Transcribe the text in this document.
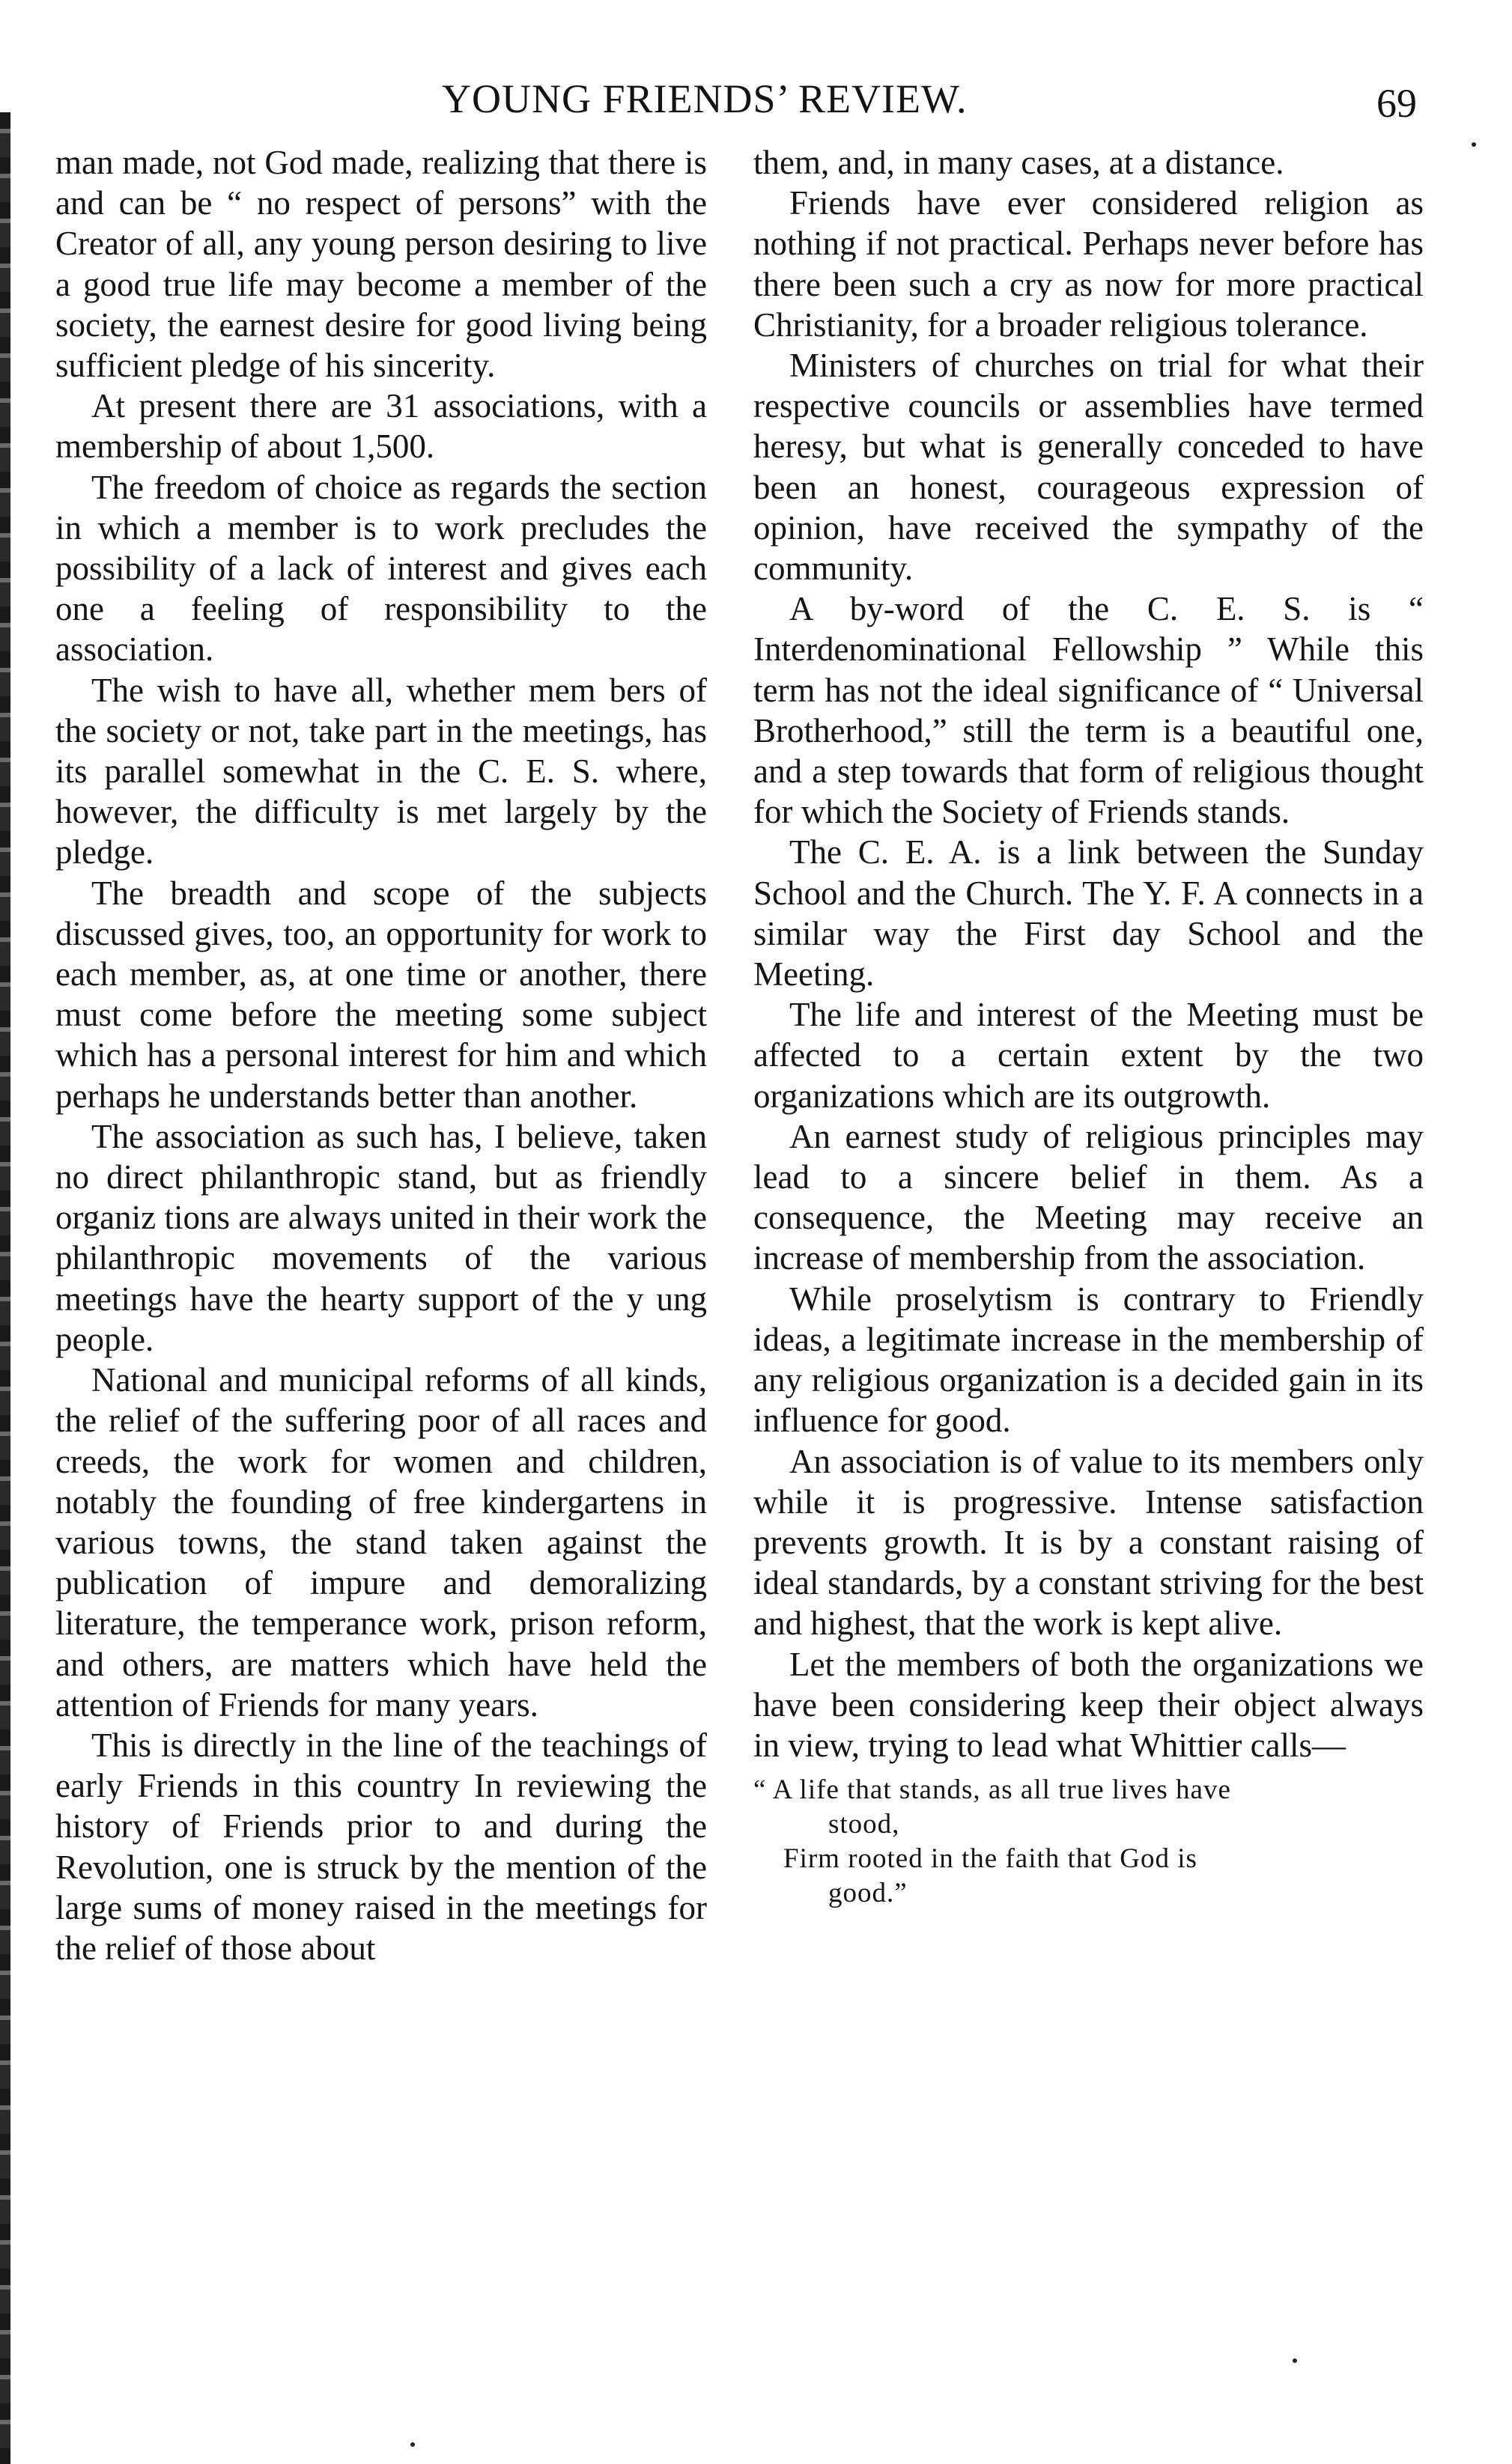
YOUNG FRIENDS’ REVIEW.	69

man made, not God made, realizing that there is and can be “ no respect of persons” with the Creator of all, any young person desiring to live a good true life may become a member of the society, the earnest desire for good living being sufficient pledge of his sincerity.

At present there are 31 associations, with a membership of about 1,500.

The freedom of choice as regards the section in which a member is to work precludes the possibility of a lack of interest and gives each one a feeling of responsibility to the association.

The wish to have all, whether mem bers of the society or not, take part in the meetings, has its parallel somewhat in the C. E. S. where, however, the difficulty is met largely by the pledge.

The breadth and scope of the subjects discussed gives, too, an opportunity for work to each member, as, at one time or another, there must come before the meeting some subject which has a personal interest for him and which perhaps he understands better than another.

The association as such has, I believe, taken no direct philanthropic stand, but as friendly organiz tions are always united in their work the philanthropic movements of the various meetings have the hearty support of the y ung people.

National and municipal reforms of all kinds, the relief of the suffering poor of all races and creeds, the work for women and children, notably the founding of free kindergartens in various towns, the stand taken against the publication of impure and demoralizing literature, the temperance work, prison reform, and others, are matters which have held the attention of Friends for many years.

This is directly in the line of the teachings of early Friends in this country In reviewing the history of Friends prior to and during the Revolution, one is struck by the mention of the large sums of money raised in the meetings for the relief of those about

them, and, in many cases, at a distance.

Friends have ever considered religion as nothing if not practical. Perhaps never before has there been such a cry as now for more practical Christianity, for a broader religious tolerance.

Ministers of churches on trial for what their respective councils or assemblies have termed heresy, but what is generally conceded to have been an honest, courageous expression of opinion, have received the sympathy of the community.

A by-word of the C. E. S. is “ Interdenominational Fellowship ” While this term has not the ideal significance of “ Universal Brotherhood,” still the term is a beautiful one, and a step towards that form of religious thought for which the Society of Friends stands.

The C. E. A. is a link between the Sunday School and the Church. The Y. F. A connects in a similar way the First day School and the Meeting.

The life and interest of the Meeting must be affected to a certain extent by the two organizations which are its outgrowth.

An earnest study of religious principles may lead to a sincere belief in them. As a consequence, the Meeting may receive an increase of membership from the association.

While proselytism is contrary to Friendly ideas, a legitimate increase in the membership of any religious organization is a decided gain in its influence for good.

An association is of value to its members only while it is progressive. Intense satisfaction prevents growth. It is by a constant raising of ideal standards, by a constant striving for the best and highest, that the work is kept alive.

Let the members of both the organizations we have been considering keep their object always in view, trying to lead what Whittier calls—

“ A life that stands, as all true lives have
stood,
Firm rooted in the faith that God is
good.”
